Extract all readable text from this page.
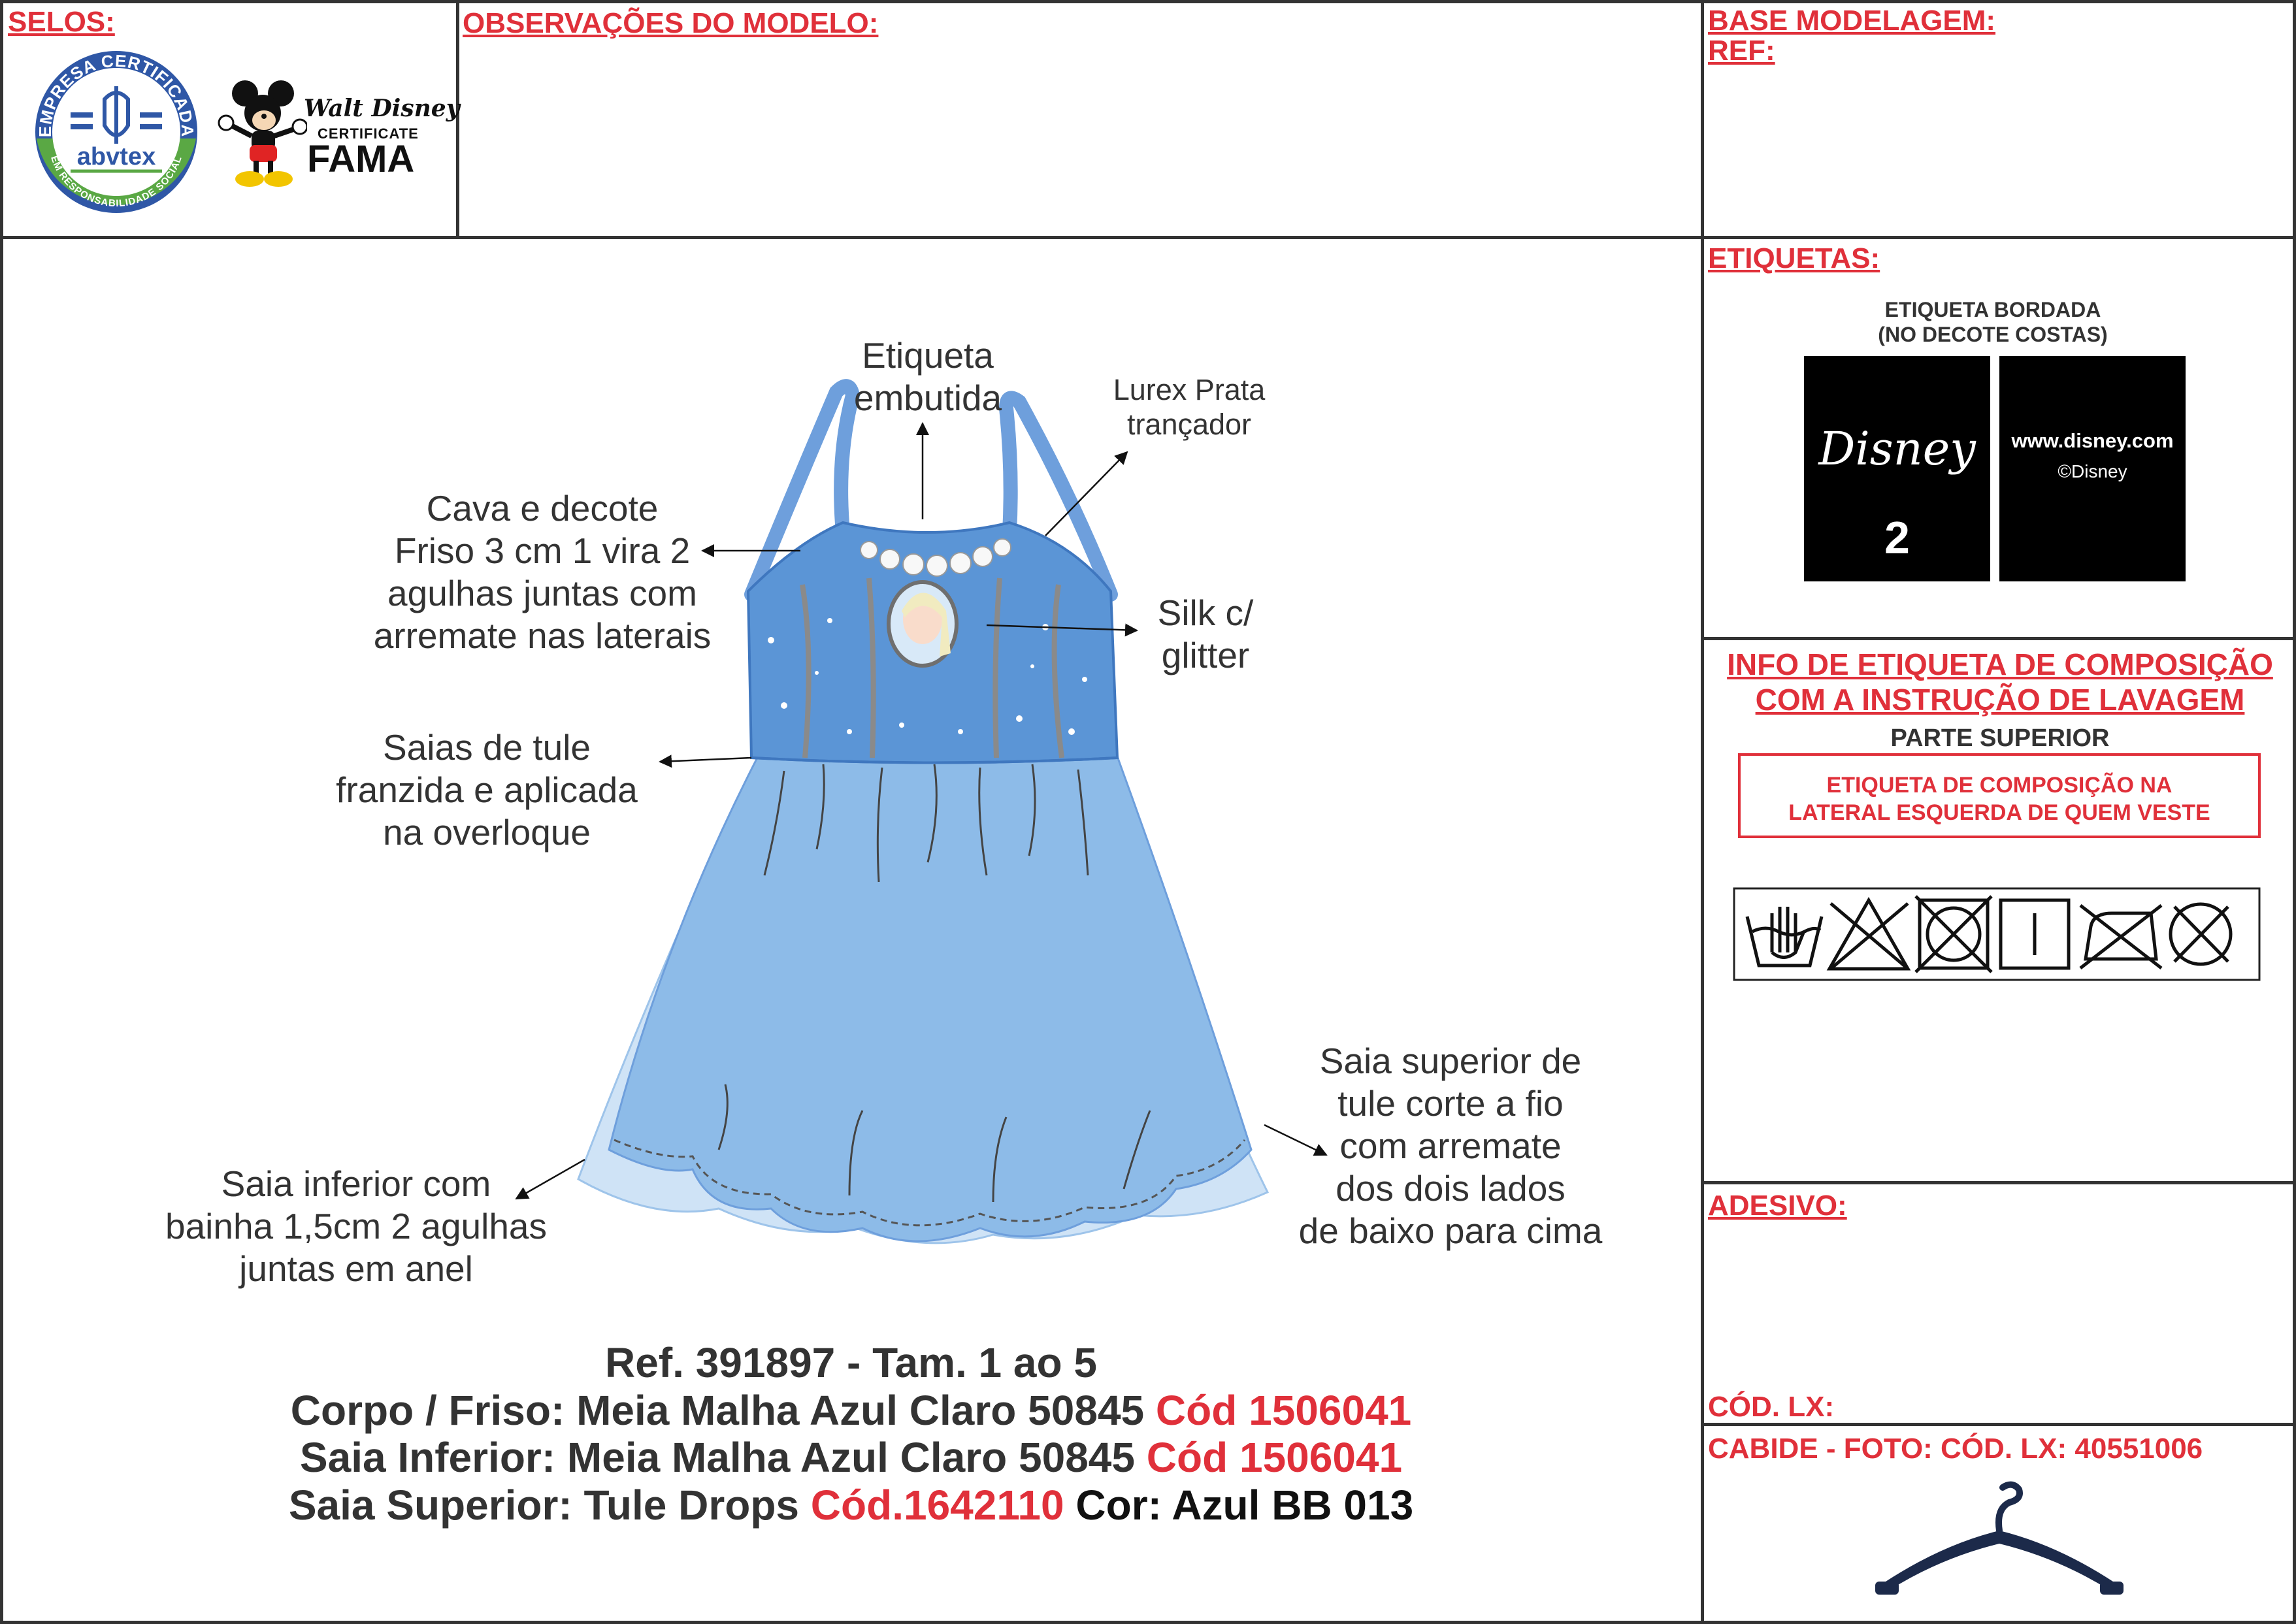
SELOS:	OBSERVAÇÕES DO MODELO:	BASE MODELAGEM:
REF:
EMPRESA CERTIFICADA
EM RESPONSABILIDADE SOCIAL
abvtex
Walt Disney
CERTIFICATE
FAMA
Etiqueta
embutida	Lurex Prata
trançador
Cava e decote
Friso 3 cm 1 vira 2
agulhas juntas com
arremate nas laterais
Silk c/
glitter
Saias de tule
franzida e aplicada
na overloque
Saia superior de
tule corte a fio
com arremate
dos dois lados
de baixo para cima
Saia inferior com
bainha 1,5cm 2 agulhas
juntas em anel
Ref. 391897 - Tam. 1 ao 5
Corpo / Friso: Meia Malha Azul Claro 50845 Cód 1506041
Saia Inferior: Meia Malha Azul Claro 50845 Cód 1506041
Saia Superior: Tule Drops Cód.1642110 Cor: Azul BB 013
ETIQUETAS:
ETIQUETA BORDADA
(NO DECOTE COSTAS)
Disney
2
www.disney.com
©Disney
INFO DE ETIQUETA DE COMPOSIÇÃO
COM A INSTRUÇÃO DE LAVAGEM
PARTE SUPERIOR
ETIQUETA DE COMPOSIÇÃO NA
LATERAL ESQUERDA DE QUEM VESTE
ADESIVO:
CÓD. LX:
CABIDE - FOTO: CÓD. LX: 40551006
